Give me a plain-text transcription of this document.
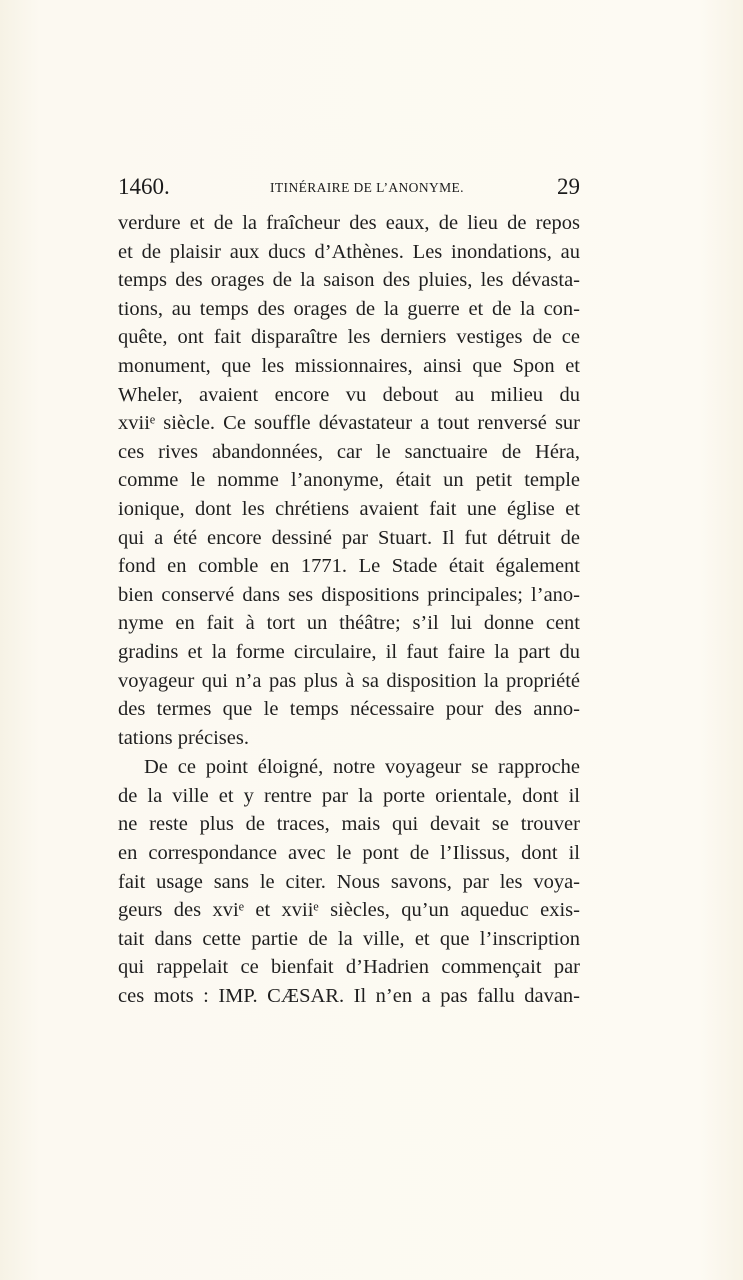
1460.	ITINÉRAIRE DE L’ANONYME.	29
verdure et de la fraîcheur des eaux, de lieu de repos
et de plaisir aux ducs d’Athènes. Les inondations, au
temps des orages de la saison des pluies, les dévasta-
tions, au temps des orages de la guerre et de la con-
quête, ont fait disparaître les derniers vestiges de ce
monument, que les missionnaires, ainsi que Spon et
Wheler, avaient encore vu debout au milieu du
xviiᵉ siècle. Ce souffle dévastateur a tout renversé sur
ces rives abandonnées, car le sanctuaire de Héra,
comme le nomme l’anonyme, était un petit temple
ionique, dont les chrétiens avaient fait une église et
qui a été encore dessiné par Stuart. Il fut détruit de
fond en comble en 1771. Le Stade était également
bien conservé dans ses dispositions principales; l’ano-
nyme en fait à tort un théâtre; s’il lui donne cent
gradins et la forme circulaire, il faut faire la part du
voyageur qui n’a pas plus à sa disposition la propriété
des termes que le temps nécessaire pour des anno-
tations précises.
De ce point éloigné, notre voyageur se rapproche
de la ville et y rentre par la porte orientale, dont il
ne reste plus de traces, mais qui devait se trouver
en correspondance avec le pont de l’Ilissus, dont il
fait usage sans le citer. Nous savons, par les voya-
geurs des xviᵉ et xviiᵉ siècles, qu’un aqueduc exis-
tait dans cette partie de la ville, et que l’inscription
qui rappelait ce bienfait d’Hadrien commençait par
ces mots : IMP. CÆSAR. Il n’en a pas fallu davan-
